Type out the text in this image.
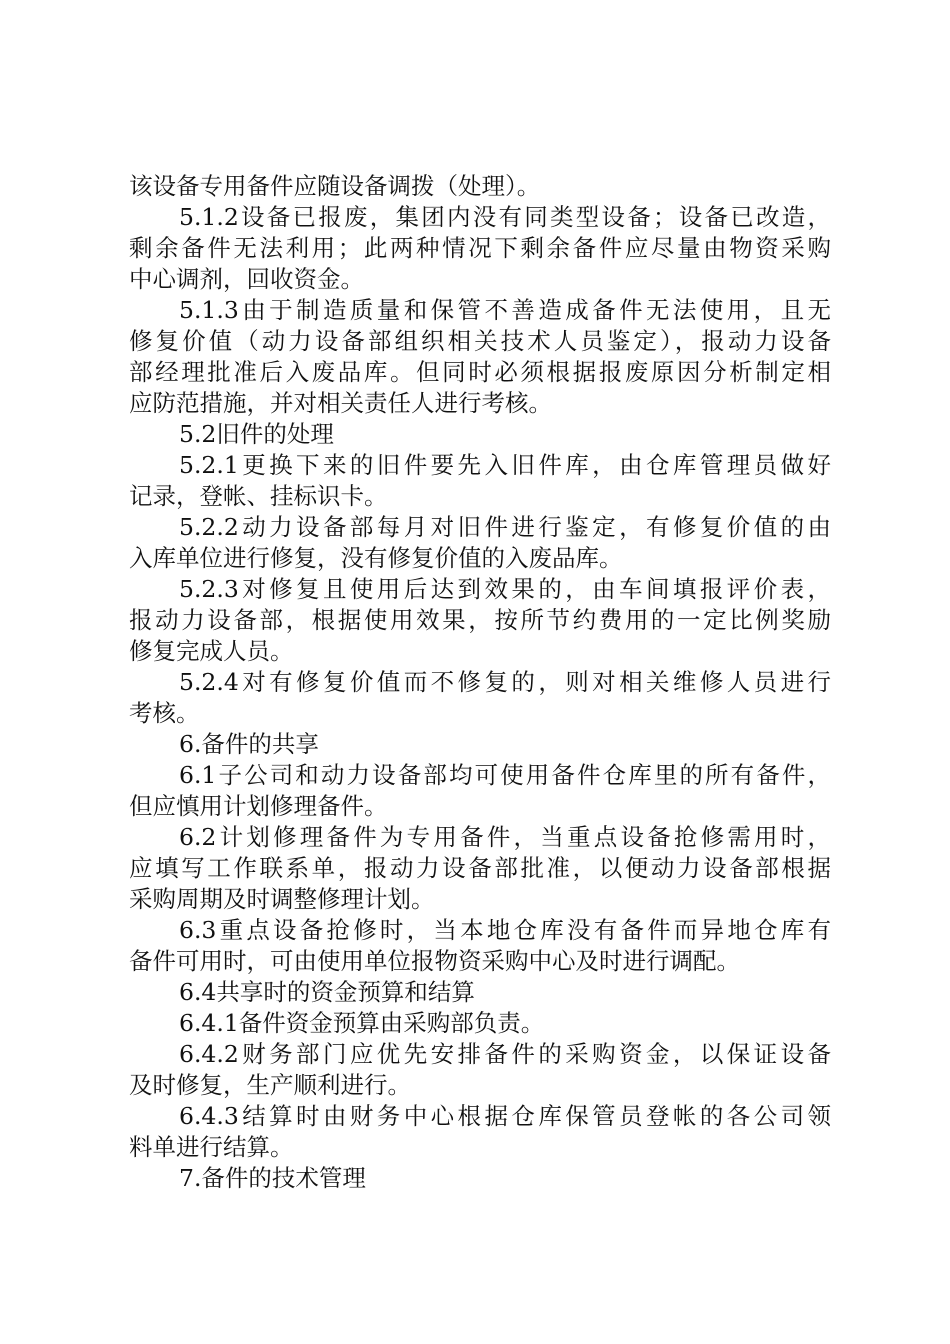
该设备专用备件应随设备调拨（处理）。
5.1.2设备已报废，集团内没有同类型设备；设备已改造，
剩余备件无法利用；此两种情况下剩余备件应尽量由物资采购
中心调剂，回收资金。
5.1.3由于制造质量和保管不善造成备件无法使用，且无
修复价值（动力设备部组织相关技术人员鉴定），报动力设备
部经理批准后入废品库。但同时必须根据报废原因分析制定相
应防范措施，并对相关责任人进行考核。
5.2旧件的处理
5.2.1更换下来的旧件要先入旧件库，由仓库管理员做好
记录，登帐、挂标识卡。
5.2.2动力设备部每月对旧件进行鉴定，有修复价值的由
入库单位进行修复，没有修复价值的入废品库。
5.2.3对修复且使用后达到效果的，由车间填报评价表，
报动力设备部，根据使用效果，按所节约费用的一定比例奖励
修复完成人员。
5.2.4对有修复价值而不修复的，则对相关维修人员进行
考核。
6.备件的共享
6.1子公司和动力设备部均可使用备件仓库里的所有备件，
但应慎用计划修理备件。
6.2计划修理备件为专用备件，当重点设备抢修需用时，
应填写工作联系单，报动力设备部批准，以便动力设备部根据
采购周期及时调整修理计划。
6.3重点设备抢修时，当本地仓库没有备件而异地仓库有
备件可用时，可由使用单位报物资采购中心及时进行调配。
6.4共享时的资金预算和结算
6.4.1备件资金预算由采购部负责。
6.4.2财务部门应优先安排备件的采购资金，以保证设备
及时修复，生产顺利进行。
6.4.3结算时由财务中心根据仓库保管员登帐的各公司领
料单进行结算。
7.备件的技术管理
